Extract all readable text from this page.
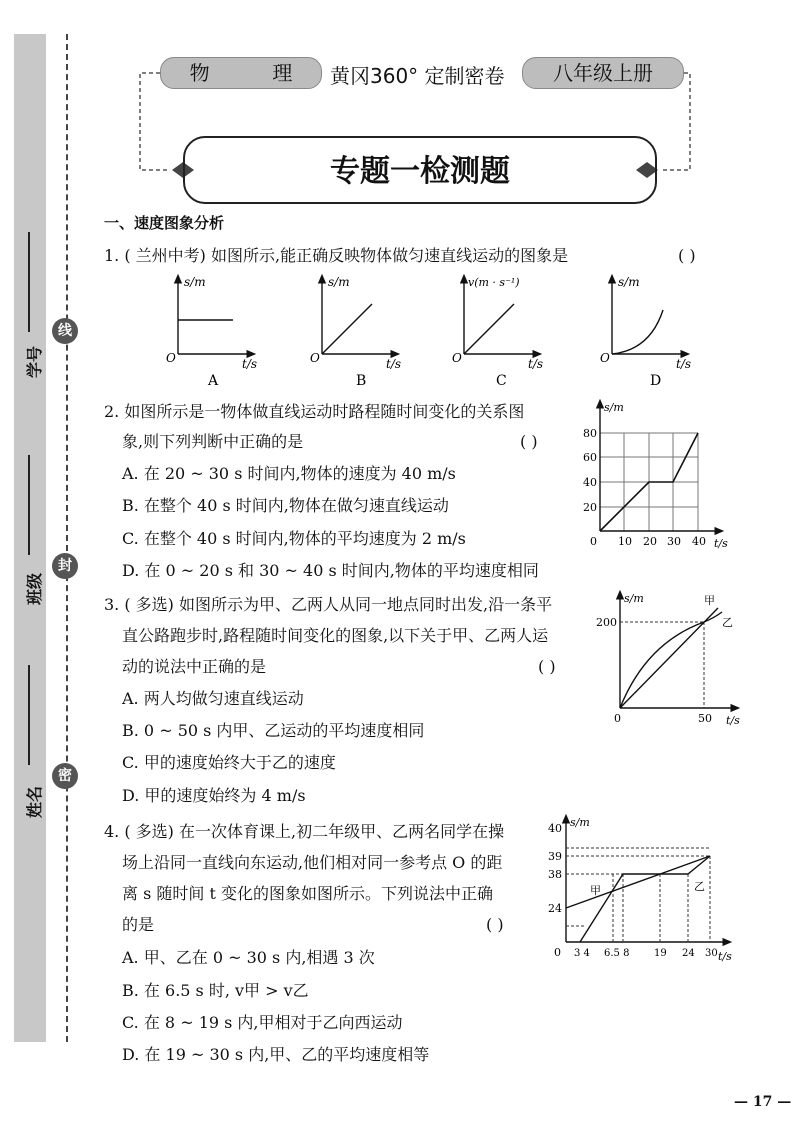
学号
班级
姓名
线
封
密
物	理	黄冈360° 定制密卷	八年级上册
专题一检测题
一、速度图象分析
1. ( 兰州中考) 如图所示,能正确反映物体做匀速直线运动的图象是	( )
s/m
t/s
O
A
s/m
t/s
O
B
v(m · s⁻¹)
t/s
O
C
s/m
t/s
O
D
2. 如图所示是一物体做直线运动时路程随时间变化的关系图
象,则下列判断中正确的是	( )
A. 在 20 ~ 30 s 时间内,物体的速度为 40 m/s
B. 在整个 40 s 时间内,物体在做匀速直线运动
C. 在整个 40 s 时间内,物体的平均速度为 2 m/s
D. 在 0 ~ 20 s 和 30 ~ 40 s 时间内,物体的平均速度相同
s/m
t/s
0
20
40
60
80
10 20 30 40
3. ( 多选) 如图所示为甲、乙两人从同一地点同时出发,沿一条平
直公路跑步时,路程随时间变化的图象,以下关于甲、乙两人运
动的说法中正确的是	( )
A. 两人均做匀速直线运动
B. 0 ~ 50 s 内甲、乙运动的平均速度相同
C. 甲的速度始终大于乙的速度
D. 甲的速度始终为 4 m/s
s/m
t/s
0
200
50
甲
乙
4. ( 多选) 在一次体育课上,初二年级甲、乙两名同学在操
场上沿同一直线向东运动,他们相对同一参考点 O 的距
离 s 随时间 t 变化的图象如图所示。下列说法中正确
的是	( )
A. 甲、乙在 0 ~ 30 s 内,相遇 3 次
B. 在 6.5 s 时, v甲 > v乙
C. 在 8 ~ 19 s 内,甲相对于乙向西运动
D. 在 19 ~ 30 s 内,甲、乙的平均速度相等
s/m
t/s
0
24
38
39
40
3 4 6.5 8 19 24 30
甲	乙
— 17 —
